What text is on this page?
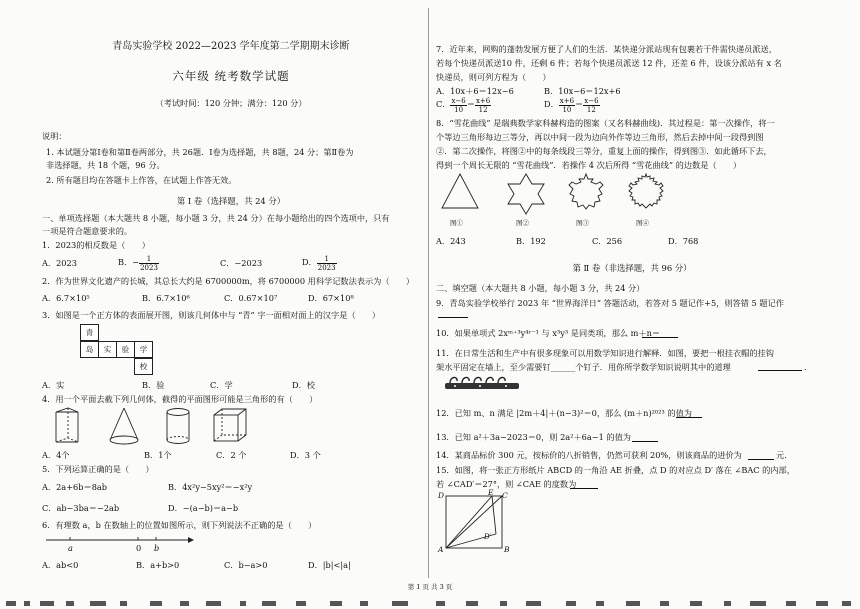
青岛实验学校 2022—2023 学年度第二学期期末诊断
六年级 统考数学试题
（考试时间：120 分钟；满分：120 分）
说明：
1. 本试题分第Ⅰ卷和第Ⅱ卷两部分，共 26题．Ⅰ卷为选择题，共 8题，24 分；第Ⅱ卷为
非选择题，共 18 个题，96 分。
2. 所有题目均在答题卡上作答，在试题上作答无效。
第 Ⅰ 卷（选择题，共 24 分）
一、单项选择题（本大题共 8 小题，每小题 3 分，共 24 分）在每小题给出的四个选项中，只有
一项是符合题意要求的。
1．2023的相反数是（　　）
A．2023	B．− $\frac{1}{2023}$	C．−2023	D． $\frac{1}{2023}$
2．作为世界文化遗产的长城，其总长大约是 6700000m，将 6700000 用科学记数法表示为（　　）
A．6.7×10⁵	B．6.7×10⁶	C．0.67×10⁷	D．67×10⁸
3．如图是一个正方体的表面展开图，则该几何体中与 “青” 字一面相对面上的汉字是（　　）
青
岛	实	验	学
校
A．实	B．验	C．学	D．校
4．用一个平面去截下列几何体，截得的平面图形可能是三角形的有（　　）
A．4个	B．1个	C．2 个	D．3 个
5．下列运算正确的是（　　）
A．2a+6b＝8ab	B．4x²y−5xy²＝−x²y
C．ab−3ba＝−2ab	D．−(a−b)＝a−b
6．有理数 a，b 在数轴上的位置如图所示，则下列说法不正确的是（　　）
a	0 b
A．ab<0	B．a+b>0	C．b−a>0	D．|b|<|a|
7．近年来，网购的蓬勃发展方便了人们的生活．某快递分派站现有包裹若干件需快递员派送，
若每个快递员派送10 件，还剩 6 件；若每个快递员派送 12 件，还差 6 件，设该分派站有 x 名
快递员，则可列方程为（　　）
A．10x＋6＝12x−6	B．10x−6＝12x+6
C． $\frac{x-6}{10} = \frac{x+6}{12}$	D． $\frac{x+6}{10} = \frac{x-6}{12}$
8．“雪花曲线” 是瑞典数学家科赫构造的图案（又名科赫曲线)．其过程是：第一次操作，将一
个等边三角形每边三等分，再以中间一段为边向外作等边三角形，然后去掉中间一段得到图
②．第二次操作，将图②中的每条线段三等分，重复上面的操作，得到图③．如此循环下去，
得到一个周长无限的 “雪花曲线”．若操作 4 次后所得 “雪花曲线” 的边数是（　　）
图①	图②	图③	图④
A．243	B．192	C．256	D．768
第 Ⅱ 卷（非选择题，共 96 分）
二、填空题（本大题共 8 小题，每小题 3 分，共 24 分）
9．青岛实验学校举行 2023 年 “世界海洋日” 答题活动，若答对 5 题记作+5，则答错 5 题记作
10．如果单项式 2xᵐ⁺³y⁴ʳ⁻¹ 与 x³y³ 是同类项，那么 m＋n＝
11．在日常生活和生产中有很多现象可以用数学知识进行解释．如图，要把一根挂衣帽的挂钩
架水平固定在墙上，至少需要钉______个钉子．用你所学数学知识说明其中的道理	.
12．已知 m、n 满足 |2m＋4|＋(n−3)²＝0，那么 (m＋n)²⁰²³ 的值为
13．已知 a²＋3a−2023＝0，则 2a²＋6a−1 的值为
14．某商品标价 300 元，按标价的八折销售，仍然可获利 20%，则该商品的进价为	元.
15．如图，将一张正方形纸片 ABCD 的一角沿 AE 折叠，点 D 的对应点 D′ 落在 ∠BAC 的内部，
若 ∠CAD′＝27°，则 ∠CAE 的度数为
D	E C
A	B
D′
第 1 页 共 3 页
